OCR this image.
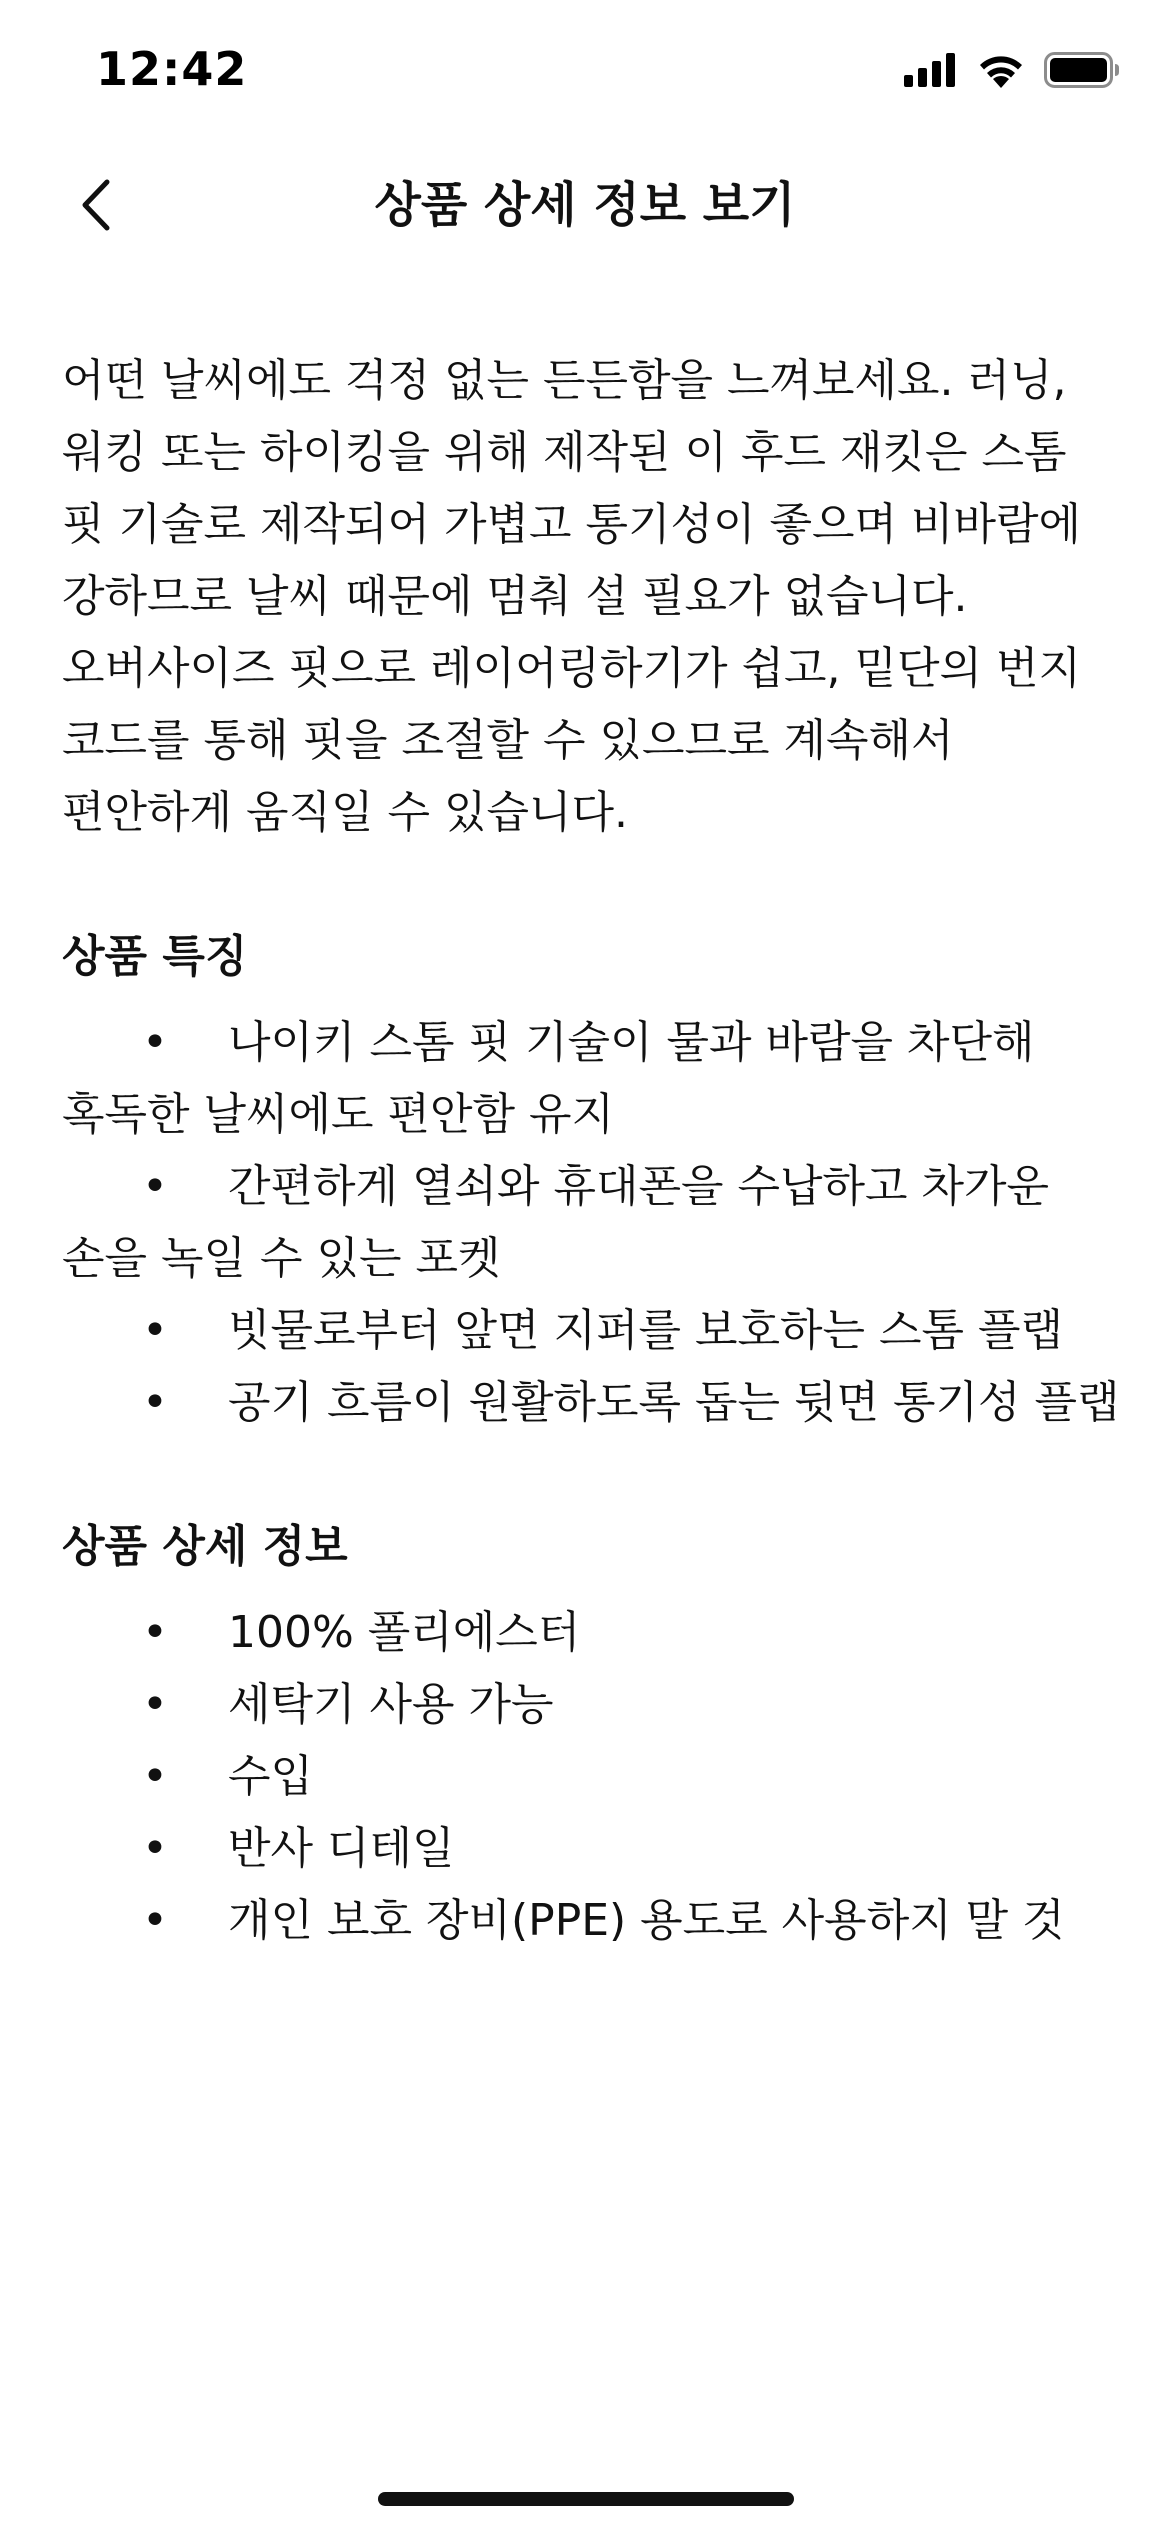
12:42
상품 상세 정보 보기

어떤 날씨에도 걱정 없는 든든함을 느껴보세요. 러닝, 워킹 또는 하이킹을 위해 제작된 이 후드 재킷은 스톰 핏 기술로 제작되어 가볍고 통기성이 좋으며 비바람에 강하므로 날씨 때문에 멈춰 설 필요가 없습니다. 오버사이즈 핏으로 레이어링하기가 쉽고, 밑단의 번지 코드를 통해 핏을 조절할 수 있으므로 계속해서 편안하게 움직일 수 있습니다.

상품 특징
• 나이키 스톰 핏 기술이 물과 바람을 차단해 혹독한 날씨에도 편안함 유지
• 간편하게 열쇠와 휴대폰을 수납하고 차가운 손을 녹일 수 있는 포켓
• 빗물로부터 앞면 지퍼를 보호하는 스톰 플랩
• 공기 흐름이 원활하도록 돕는 뒷면 통기성 플랩
상품 상세 정보
• 100% 폴리에스터
• 세탁기 사용 가능
• 수입
• 반사 디테일
• 개인 보호 장비(PPE) 용도로 사용하지 말 것
